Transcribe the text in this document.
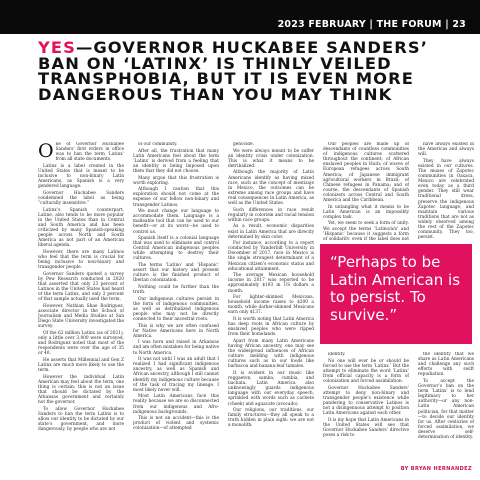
2023 FEBRUARY | THE FORUM | 23
YES—GOVERNOR HUCKABEE SANDERS’ BAN ON ‘LATINX’ IS THINLY VEILED TRANSPHOBIA, BUT IT IS EVEN MORE DANGEROUS THAN YOU MAY THINK
O ne of Governor Huckabee Sanders’ first orders in office was to ban the term ‘Latinx’ from all state documents.

Latinx is a label created in the United States that is meant to be inclusive to non-binary Latin Americans, as Spanish is a very gendered language.

Governor Huckabee Sanders condemned the label as being “culturally insensitive.”

Latinx’s Spanish counterpart, Latine, also tends to be more popular in the United States than in Central and South America and has been criticized by many Spanish-speaking people across North and South America as not part of an American liberal agenda.

However, there are many Latinos who feel that the term is crucial for being inclusive to non-binary and transgender people.

Governor Sanders quoted a survey by Pew Research conducted in 2020 that asserted that only 23 percent of Latinos in the United States had heard of the term Latinx, and only 3 percent of that sample actually used the term.

However, Nathian Shae Rodriguez, associate director in the School of Journalism and Media Studies at San Diego State University investigated the survey.

Of the 62 million Latinx (as of 2021), only a little over 3,000 were surveyed, and Rodriguez noted that most of the respondents were over the age of 35 or 40.

He asserts that Millennial and Gen Z Latinx are much more likely to use the term.

However the individual Latin American may feel about the term, one thing is certain: this is not an issue that should be dictated by the Arkansas government and certainly not the governor.

To allow Governor Huckabee Sanders to ban the term Latinx is to allow our identity to be dictated by our state’s government, and more dangerously, by people who are not

of our community.

After all, the frustration that many Latin Americans feel about the term ‘Latinx’ is derived from a feeling that an identity is being imposed upon them that they did not choose.

Many argue that this frustration is worth exploring.

Although I caution that this exploration should not come at the expense of our fellow non-binary and transgender Latinos.

We must change our language to accommodate them. Language is a malleable tool that can be used to our benefit—or at its worst—be used to control us.

Spanish itself is a colonial language that was used to eliminate and control Central American indigenous peoples while attempting to destroy their cultures.

The terms ‘Latino’ and ‘Hispanic’ assert that our history and present culture is the finished product of Iberian colonization.

Nothing could be further than the truth.

Our indigenous cultures persist in the form of indigenous communities, as well as detribalized indigenous people who may not be directly connected to their ancestral roots.

This is why we are often confused for Native Americans here in North America.

I was born and raised in Arkansas and am often mistaken for being native to North America.

It was not until I was an adult that I realized I had significant indigenous ancestry, as well as Spanish and African ancestry, although I still cannot identify my indigenous culture because of the task of tracing my lineage. I most likely never will.

Most Latin Americans face this reality because we are so disconnected from our indigenous and Afro-indigenous backgrounds.

This is not an accident—this is the product of violent and systemic colonization—of attempted

genocide.

We were always meant to be suffer an identity crisis under colonization. This is what it means to be detribalized.

Although the majority of Latin Americans identify as having mixed race, such as the concept of mestizaje in Mexico, the outcomes can be extreme among race groups and have real consequences in Latin America, as well as the United States.

Such differences in race result regularly in colorism and racial tension within race groups.

As a result, economic disparities exist in Latin America that are directly determined by skin color.

For instance, according to a report conducted by Vanderbilt University in December of 2017, race in Mexico is the single strongest determinant of a Mexican citizen’s economic status and educational attainment.

The average Mexican household income in 2017 was reported to be approximately $193 in US dollars a month.

For lighter-skinned Mexicans, household income raises to $200 a month, while darker-skinned Mexicans earn only $137.

It is worth noting that Latin America has deep roots in African culture by enslaved peoples who were ripped from their homelands.

Apart from many Latin Americans having African ancestry, one may see the widespread influences of African culture melding with indigenous cultures such as in our foods like barbacoa and banana-leaf tamales.

It is evident in our music like reggaeton, samba, cumbia, and bachata. Latin America also unknowingly guards indigenous language with our everyday speech, sprinkled with words such as cachete (cheek) and aguacate (avocado).

Our religions, our traditions, our family structures—they all speak to a truth hidden in plain sight: we are not a monolith.

Our peoples are made up of descendants of countless communities of indigenous cultures scattered throughout the continent; of African enslaved peoples in Haiti; of waves of European refugees across South America; of Japanese immigrant agricultural workers in Brazil; of Chinese refugees in Panama; and of course, the descendants of Spanish colonizers across Central and South America and the Caribbean.

In untangling what it means to be Latin American is an impossibly complex task.

Yet, we seem to seek a form of unity. We accept the terms ‘Latino/a/x’ and ‘Hispanic’ because it suggests a form of solidarity, even if the label does not

have always existed in the Americas and always will.

They have always existed in our cultures. The muxes of Zapotec communities in Oaxaca, Mexico are celebrated even today as a third gender. They still wear traditional dress, preserve the indigenous Zapotec language, and maintain various traditions that are not as widely observed among the rest of the Zapotec community. They too, persist.

“Perhaps to be Latin American is to persist. To survive.”

identity.

No one will ever be or should be forced to use the term ‘Latinx.’ But the attempt to eliminate the word ‘Latinx’ from official capacity is a form of colonization and forced assimilation.

Governor Huckabee Sanders’ attempt to deny non-binary and transgender people’s existence while pandering to conservative Latinos is not a disingenuous attempt to position Latin Americans against each other.

It is my hope that Latin Americans in the United States will see that Governor Huckabee Sanders’ directive poses a risk to

the identity that we share as Latin Americans and challenge any such efforts with swift repudiation.

To accept the Governor’s ban on the term ‘Latinx’ is to lend legitimacy to her authority—or any non-Latin American politician, for that matter—to decide our identity for us. After centuries of forced assimilation, we deserve self-determination of identity.

BY BRYAN HERNANDEZ
